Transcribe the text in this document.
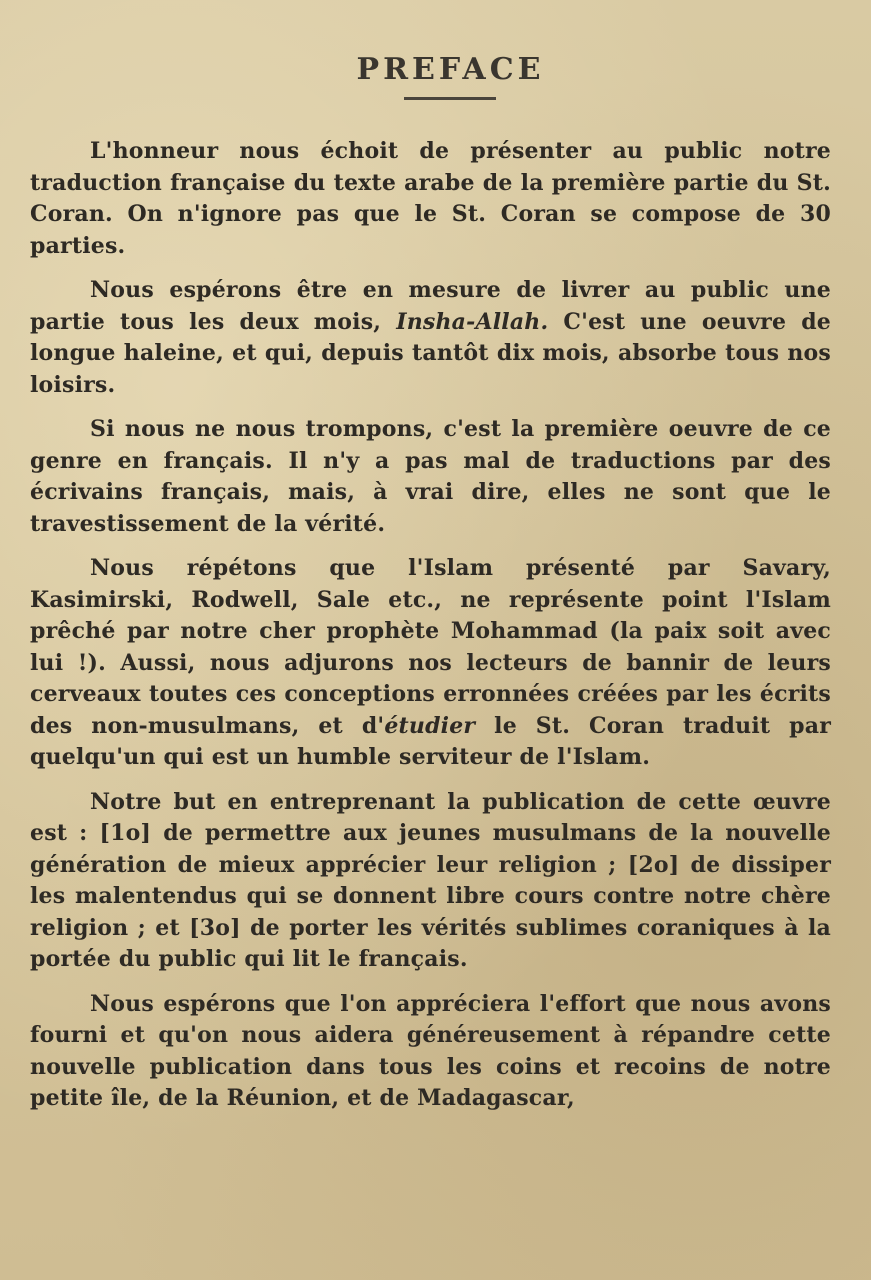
PREFACE

L'honneur nous échoit de présenter au public notre traduction française du texte arabe de la première partie du St. Coran. On n'ignore pas que le St. Coran se compose de 30 parties.

Nous espérons être en mesure de livrer au public une partie tous les deux mois, Insha-Allah. C'est une oeuvre de longue haleine, et qui, depuis tantôt dix mois, absorbe tous nos loisirs.

Si nous ne nous trompons, c'est la première oeuvre de ce genre en français. Il n'y a pas mal de traductions par des écrivains français, mais, à vrai dire, elles ne sont que le travestissement de la vérité.

Nous répétons que l'Islam présenté par Savary, Kasimirski, Rodwell, Sale etc., ne représente point l'Islam prêché par notre cher prophète Mohammad (la paix soit avec lui !). Aussi, nous adjurons nos lecteurs de bannir de leurs cerveaux toutes ces conceptions erronnées créées par les écrits des non-musulmans, et d'étudier le St. Coran traduit par quelqu'un qui est un humble serviteur de l'Islam.

Notre but en entreprenant la publication de cette œuvre est : [1o] de permettre aux jeunes musulmans de la nouvelle génération de mieux apprécier leur religion ; [2o] de dissiper les malentendus qui se donnent libre cours contre notre chère religion ; et [3o] de porter les vérités sublimes coraniques à la portée du public qui lit le français.

Nous espérons que l'on appréciera l'effort que nous avons fourni et qu'on nous aidera généreusement à répandre cette nouvelle publication dans tous les coins et recoins de notre petite île, de la Réunion, et de Madagascar,
